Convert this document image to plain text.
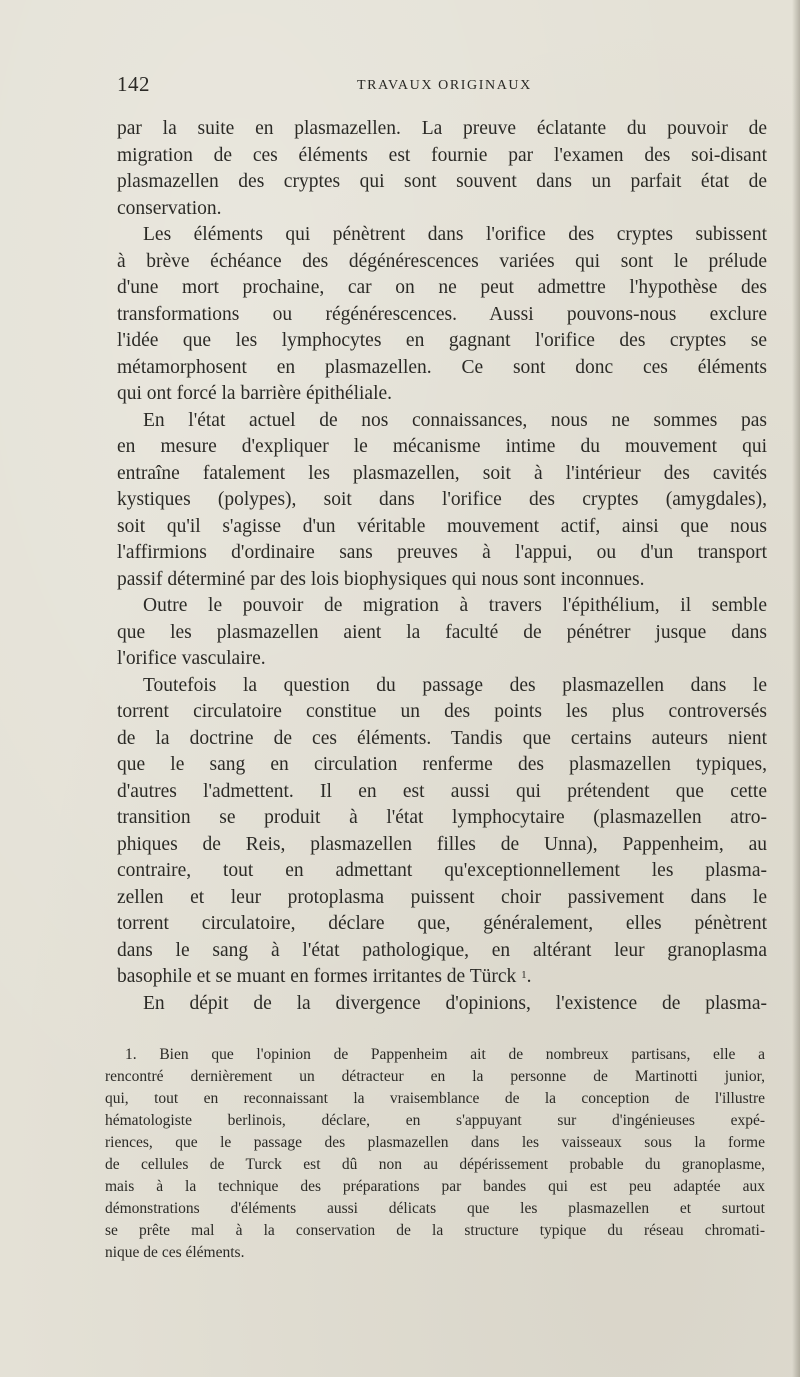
142	TRAVAUX ORIGINAUX
par la suite en plasmazellen. La preuve éclatante du pouvoir de
migration de ces éléments est fournie par l'examen des soi-disant
plasmazellen des cryptes qui sont souvent dans un parfait état de
conservation.
Les éléments qui pénètrent dans l'orifice des cryptes subissent
à brève échéance des dégénérescences variées qui sont le prélude
d'une mort prochaine, car on ne peut admettre l'hypothèse des
transformations ou régénérescences. Aussi pouvons-nous exclure
l'idée que les lymphocytes en gagnant l'orifice des cryptes se
métamorphosent en plasmazellen. Ce sont donc ces éléments
qui ont forcé la barrière épithéliale.
En l'état actuel de nos connaissances, nous ne sommes pas
en mesure d'expliquer le mécanisme intime du mouvement qui
entraîne fatalement les plasmazellen, soit à l'intérieur des cavités
kystiques (polypes), soit dans l'orifice des cryptes (amygdales),
soit qu'il s'agisse d'un véritable mouvement actif, ainsi que nous
l'affirmions d'ordinaire sans preuves à l'appui, ou d'un transport
passif déterminé par des lois biophysiques qui nous sont inconnues.
Outre le pouvoir de migration à travers l'épithélium, il semble
que les plasmazellen aient la faculté de pénétrer jusque dans
l'orifice vasculaire.
Toutefois la question du passage des plasmazellen dans le
torrent circulatoire constitue un des points les plus controversés
de la doctrine de ces éléments. Tandis que certains auteurs nient
que le sang en circulation renferme des plasmazellen typiques,
d'autres l'admettent. Il en est aussi qui prétendent que cette
transition se produit à l'état lymphocytaire (plasmazellen atro-
phiques de Reis, plasmazellen filles de Unna), Pappenheim, au
contraire, tout en admettant qu'exceptionnellement les plasma-
zellen et leur protoplasma puissent choir passivement dans le
torrent circulatoire, déclare que, généralement, elles pénètrent
dans le sang à l'état pathologique, en altérant leur granoplasma
basophile et se muant en formes irritantes de Türck $^1$.
En dépit de la divergence d'opinions, l'existence de plasma-
1. Bien que l'opinion de Pappenheim ait de nombreux partisans, elle a
rencontré dernièrement un détracteur en la personne de Martinotti junior,
qui, tout en reconnaissant la vraisemblance de la conception de l'illustre
hématologiste berlinois, déclare, en s'appuyant sur d'ingénieuses expé-
riences, que le passage des plasmazellen dans les vaisseaux sous la forme
de cellules de Turck est dû non au dépérissement probable du granoplasme,
mais à la technique des préparations par bandes qui est peu adaptée aux
démonstrations d'éléments aussi délicats que les plasmazellen et surtout
se prête mal à la conservation de la structure typique du réseau chromati-
nique de ces éléments.
